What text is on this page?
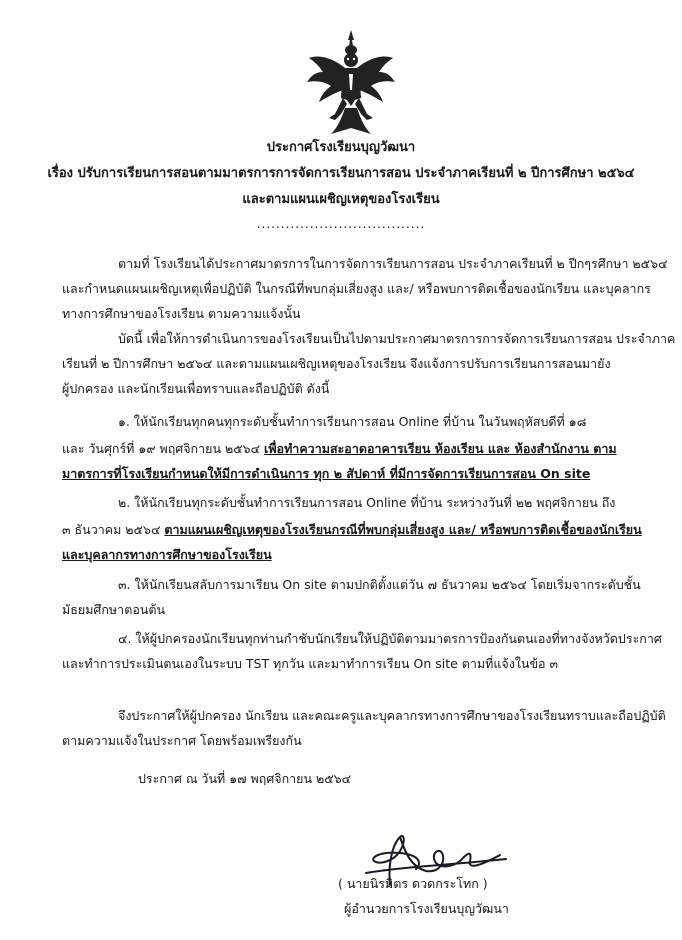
ประกาศโรงเรียนบุญวัฒนา
เรื่อง ปรับการเรียนการสอนตามมาตรการการจัดการเรียนการสอน ประจำภาคเรียนที่ ๒ ปีการศึกษา ๒๕๖๔
และตามแผนเผชิญเหตุของโรงเรียน
...................................
ตามที่ โรงเรียนได้ประกาศมาตรการในการจัดการเรียนการสอน ประจำภาคเรียนที่ ๒ ปีกๆรศึกษา ๒๕๖๔
และกำหนดแผนเผชิญเหตุเพื่อปฏิบัติ ในกรณีที่พบกลุ่มเสี่ยงสูง และ/ หรือพบการติดเชื้อของนักเรียน และบุคลากร
ทางการศึกษาของโรงเรียน ตามความแจ้งนั้น
บัดนี้ เพื่อให้การดำเนินการของโรงเรียนเป็นไปตามประกาศมาตรการการจัดการเรียนการสอน ประจำภาค
เรียนที่ ๒ ปีการศึกษา ๒๕๖๔ และตามแผนเผชิญเหตุของโรงเรียน จึงแจ้งการปรับการเรียนการสอนมายัง
ผู้ปกครอง และนักเรียนเพื่อทราบและถือปฏิบัติ ดังนี้
๑. ให้นักเรียนทุกคนทุกระดับชั้นทำการเรียนการสอน Online ที่บ้าน ในวันพฤหัสบดีที่ ๑๘
และ วันศุกร์ที่ ๑๙ พฤศจิกายน ๒๕๖๔ เพื่อทำความสะอาดอาคารเรียน ห้องเรียน และ ห้องสำนักงาน ตาม
มาตรการที่โรงเรียนกำหนดให้มีการดำเนินการ ทุก ๒ สัปดาห์ ที่มีการจัดการเรียนการสอน On site
๒. ให้นักเรียนทุกระดับชั้นทำการเรียนการสอน Online ที่บ้าน ระหว่างวันที่ ๒๒ พฤศจิกายน ถึง
๓ ธันวาคม ๒๕๖๔ ตามแผนเผชิญเหตุของโรงเรียนกรณีที่พบกลุ่มเสี่ยงสูง และ/ หรือพบการติดเชื้อของนักเรียน
และบุคลากรทางการศึกษาของโรงเรียน
๓. ให้นักเรียนสลับการมาเรียน On site ตามปกติตั้งแต่วัน ๗ ธันวาคม ๒๕๖๔ โดยเริ่มจากระดับชั้น
มัธยมศึกษาตอนต้น
๔. ให้ผู้ปกครองนักเรียนทุกท่านกำชับนักเรียนให้ปฏิบัติตามมาตรการป้องกันตนเองที่ทางจังหวัดประกาศ
และทำการประเมินตนเองในระบบ TST ทุกวัน และมาทำการเรียน On site ตามที่แจ้งในข้อ ๓
จึงประกาศให้ผู้ปกครอง นักเรียน และคณะครูและบุคลากรทางการศึกษาของโรงเรียนทราบและถือปฏิบัติ
ตามความแจ้งในประกาศ โดยพร้อมเพรียงกัน
ประกาศ ณ วันที่ ๑๗ พฤศจิกายน ๒๕๖๔
( นายนิรมิตร ดวดกระโทก )
ผู้อำนวยการโรงเรียนบุญวัฒนา
